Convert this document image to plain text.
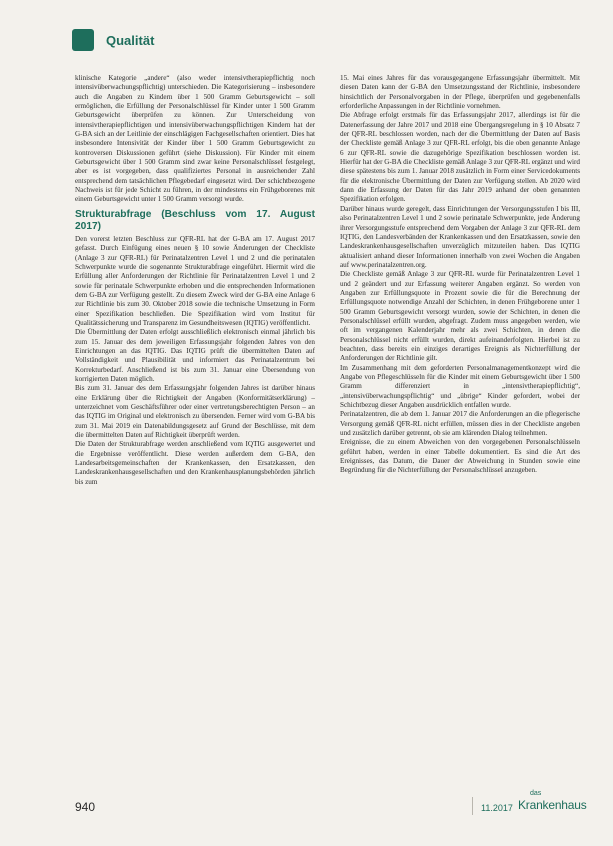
Qualität

klinische Kategorie „andere“ (also weder intensivtherapiepflichtig noch intensivüberwachungspflichtig) unterschieden. Die Kategorisierung – insbesondere auch die Angaben zu Kindern über 1 500 Gramm Geburtsgewicht – soll ermöglichen, die Erfüllung der Personalschlüssel für Kinder unter 1 500 Gramm Geburtsgewicht überprüfen zu können. Zur Unterscheidung von intensivtherapiepflichtigen und intensivüberwachungspflichtigen Kindern hat der G-BA sich an der Leitlinie der einschlägigen Fachgesellschaften orientiert. Dies hat insbesondere Intensivität der Kinder über 1 500 Gramm Geburtsgewicht zu kontroversen Diskussionen geführt (siehe Diskussion). Für Kinder mit einem Geburtsgewicht über 1 500 Gramm sind zwar keine Personalschlüssel festgelegt, aber es ist vorgegeben, dass qualifiziertes Personal in ausreichender Zahl entsprechend dem tatsächlichen Pflegebedarf eingesetzt wird. Der schichtbezogene Nachweis ist für jede Schicht zu führen, in der mindestens ein Frühgeborenes mit einem Geburtsgewicht unter 1 500 Gramm versorgt wurde.

Strukturabfrage (Beschluss vom 17. August 2017)

Den vorerst letzten Beschluss zur QFR-RL hat der G-BA am 17. August 2017 gefasst. Durch Einfügung eines neuen § 10 sowie Änderungen der Checkliste (Anlage 3 zur QFR-RL) für Perinatalzentren Level 1 und 2 und die perinatalen Schwerpunkte wurde die sogenannte Strukturabfrage eingeführt. Hiermit wird die Erfüllung aller Anforderungen der Richtlinie für Perinatalzentren Level 1 und 2 sowie für perinatale Schwerpunkte erhoben und die entsprechenden Informationen dem G-BA zur Verfügung gestellt. Zu diesem Zweck wird der G-BA eine Anlage 6 zur Richtlinie bis zum 30. Oktober 2018 sowie die technische Umsetzung in Form einer Spezifikation beschließen. Die Spezifikation wird vom Institut für Qualitätssicherung und Transparenz im Gesundheitswesen (IQTIG) veröffentlicht.

Die Übermittlung der Daten erfolgt ausschließlich elektronisch einmal jährlich bis zum 15. Januar des dem jeweiligen Erfassungsjahr folgenden Jahres von den Einrichtungen an das IQTIG. Das IQTIG prüft die übermittelten Daten auf Vollständigkeit und Plausibilität und informiert das Perinatalzentrum bei Korrekturbedarf. Anschließend ist bis zum 31. Januar eine Übersendung von korrigierten Daten möglich.

Bis zum 31. Januar des dem Erfassungsjahr folgenden Jahres ist darüber hinaus eine Erklärung über die Richtigkeit der Angaben (Konformitätserklärung) – unterzeichnet vom Geschäftsführer oder einer vertretungsberechtigten Person – an das IQTIG im Original und elektronisch zu übersenden. Ferner wird vom G-BA bis zum 31. Mai 2019 ein Datenabildungsgesetz auf Grund der Beschlüsse, mit dem die übermittelten Daten auf Richtigkeit überprüft werden.

Die Daten der Strukturabfrage werden anschließend vom IQTIG ausgewertet und die Ergebnisse veröffentlicht. Diese werden außerdem dem G-BA, den Landesarbeitsgemeinschaften der Krankenkassen, den Ersatzkassen, den Landeskrankenhausgesellschaften und den Krankenhausplanungsbehörden jährlich bis zum

15. Mai eines Jahres für das vorausgegangene Erfassungsjahr übermittelt. Mit diesen Daten kann der G-BA den Umsetzungsstand der Richtlinie, insbesondere hinsichtlich der Personalvorgaben in der Pflege, überprüfen und gegebenenfalls erforderliche Anpassungen in der Richtlinie vornehmen.

Die Abfrage erfolgt erstmals für das Erfassungsjahr 2017, allerdings ist für die Datenerfassung der Jahre 2017 und 2018 eine Übergangsregelung in § 10 Absatz 7 der QFR-RL beschlossen worden, nach der die Übermittlung der Daten auf Basis der Checkliste gemäß Anlage 3 zur QFR-RL erfolgt, bis die oben genannte Anlage 6 zur QFR-RL sowie die dazugehörige Spezifikation beschlossen worden ist. Hierfür hat der G-BA die Checkliste gemäß Anlage 3 zur QFR-RL ergänzt und wird diese spätestens bis zum 1. Januar 2018 zusätzlich in Form einer Servicedokuments für die elektronische Übermittlung der Daten zur Verfügung stellen. Ab 2020 wird dann die Erfassung der Daten für das Jahr 2019 anhand der oben genannten Spezifikation erfolgen.

Darüber hinaus wurde geregelt, dass Einrichtungen der Versorgungsstufen I bis III, also Perinatalzentren Level 1 und 2 sowie perinatale Schwerpunkte, jede Änderung ihrer Versorgungsstufe entsprechend dem Vorgaben der Anlage 3 zur QFR-RL dem IQTIG, den Landesverbänden der Krankenkassen und den Ersatzkassen, sowie den Landeskrankenhausgesellschaften unverzüglich mitzuteilen haben. Das IQTIG aktualisiert anhand dieser Informationen innerhalb von zwei Wochen die Angaben auf www.perinatalzentren.org.

Die Checkliste gemäß Anlage 3 zur QFR-RL wurde für Perinatalzentren Level 1 und 2 geändert und zur Erfassung weiterer Angaben ergänzt. So werden von Angaben zur Erfüllungsquote in Prozent sowie die für die Berechnung der Erfüllungsquote notwendige Anzahl der Schichten, in denen Frühgeborene unter 1 500 Gramm Geburtsgewicht versorgt wurden, sowie der Schichten, in denen die Personalschlüssel erfüllt wurden, abgefragt. Zudem muss angegeben werden, wie oft im vergangenen Kalenderjahr mehr als zwei Schichten, in denen die Personalschlüssel nicht erfüllt wurden, direkt aufeinanderfolgten. Hierbei ist zu beachten, dass bereits ein einziges derartiges Ereignis als Nichterfüllung der Anforderungen der Richtlinie gilt.

Im Zusammenhang mit dem geforderten Personalmanagementkonzept wird die Angabe von Pflegeschlüsseln für die Kinder mit einem Geburtsgewicht über 1 500 Gramm differenziert in „intensivtherapiepflichtig“, „intensivüberwachungspflichtig“ und „übrige“ Kinder gefordert, wobei der Schichtbezug dieser Angaben ausdrücklich entfallen wurde.

Perinatalzentren, die ab dem 1. Januar 2017 die Anforderungen an die pflegerische Versorgung gemäß QFR-RL nicht erfüllen, müssen dies in der Checkliste angeben und zusätzlich darüber getrennt, ob sie am klärenden Dialog teilnehmen.

Ereignisse, die zu einem Abweichen von den vorgegebenen Personalschlüsseln geführt haben, werden in einer Tabelle dokumentiert. Es sind die Art des Ereignisses, das Datum, die Dauer der Abweichung in Stunden sowie eine Begründung für die Nichterfüllung der Personalschlüssel anzugeben.

940	11.2017
das
Krankenhaus
